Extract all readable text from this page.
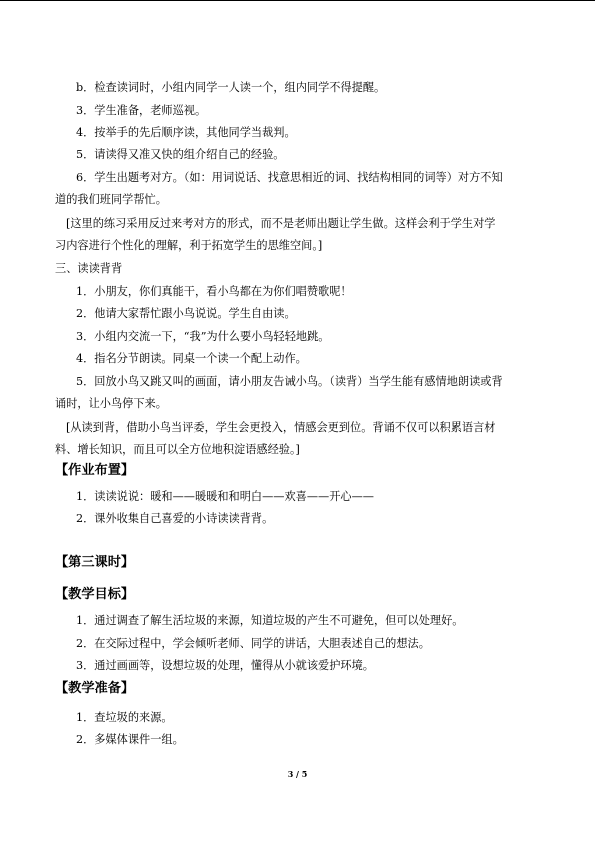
b．检查读词时，小组内同学一人读一个，组内同学不得提醒。
3．学生准备，老师巡视。
4．按举手的先后顺序读，其他同学当裁判。
5．请读得又准又快的组介绍自己的经验。
6．学生出题考对方。（如：用词说话、找意思相近的词、找结构相同的词等）对方不知
道的我们班同学帮忙。
[这里的练习采用反过来考对方的形式，而不是老师出题让学生做。这样会利于学生对学
习内容进行个性化的理解，利于拓宽学生的思维空间。]
三、读读背背
1．小朋友，你们真能干，看小鸟都在为你们唱赞歌呢！
2．他请大家帮忙跟小鸟说说。学生自由读。
3．小组内交流一下，“我”为什么要小鸟轻轻地跳。
4．指名分节朗读。同桌一个读一个配上动作。
5．回放小鸟又跳又叫的画面，请小朋友告诫小鸟。（读背）当学生能有感情地朗读或背
诵时，让小鸟停下来。
[从读到背，借助小鸟当评委，学生会更投入，情感会更到位。背诵不仅可以积累语言材
料、增长知识，而且可以全方位地积淀语感经验。]
【作业布置】
1．读读说说：暖和——暖暖和和明白——欢喜——开心——
2．课外收集自己喜爱的小诗读读背背。
【第三课时】
【教学目标】
1．通过调查了解生活垃圾的来源，知道垃圾的产生不可避免，但可以处理好。
2．在交际过程中，学会倾听老师、同学的讲话，大胆表述自己的想法。
3．通过画画等，设想垃圾的处理，懂得从小就该爱护环境。
【教学准备】
1．查垃圾的来源。
2．多媒体课件一组。
3 / 5
